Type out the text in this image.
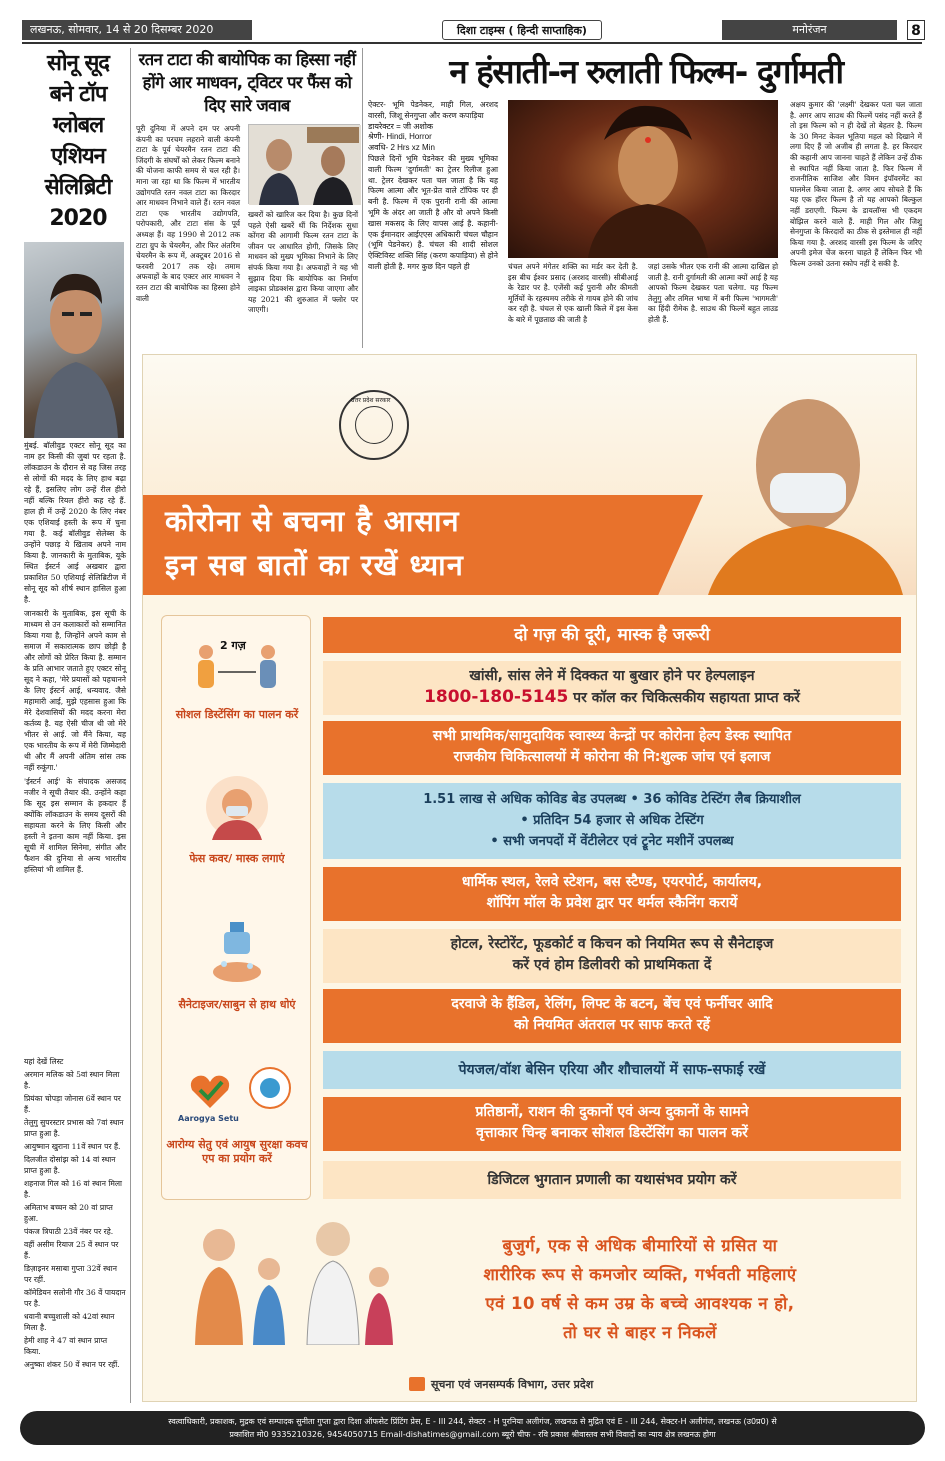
लखनऊ, सोमवार, 14 से 20 दिसम्बर 2020	दिशा टाइम्स ( हिन्दी साप्ताहिक)	मनोरंजन	8
सोनू सूद
बने टॉप
ग्लोबल
एशियन
सेलिब्रिटी
2020

मुंबई. बॉलीवुड एक्टर सोनू सूद का नाम हर किसी की जुबां पर रहता है. लॉकडाउन के दौरान से वह जिस तरह से लोगों की मदद के लिए हाथ बढ़ा रहे हैं, इसलिए लोग उन्हें रील हीरो नहीं बल्कि रियल हीरो कह रहे हैं. हाल ही में उन्हें 2020 के लिए नंबर एक एशियाई हस्ती के रूप में चुना गया है. कई बॉलीवुड सेलेब्स के उन्होंने पछाड़ ये खिताब अपने नाम किया है. जानकारी के मुताबिक, यूके स्थित ईस्टर्न आई अखबार द्वारा प्रकाशित 50 एशियाई सेलिब्रिटीज में सोनू सूद को शीर्ष स्थान हासिल हुआ है.

जानकारी के मुताबिक, इस सूची के माध्यम से उन कलाकारों को सम्मानित किया गया है, जिन्होंने अपने काम से समाज में सकारात्मक छाप छोड़ी है और लोगों को प्रेरित किया है. सम्मान के प्रति आभार जताते हुए एक्टर सोनू सूद ने कहा, 'मेरे प्रयासों को पहचानने के लिए ईस्टर्न आई, धन्यवाद. जैसे महामारी आई, मुझे एहसास हुआ कि मेरे देशवासियों की मदद करना मेरा कर्तव्य है. यह ऐसी चीज थी जो मेरे भीतर से आई. जो मैंने किया, यह एक भारतीय के रूप में मेरी जिम्मेदारी थी और मैं अपनी अंतिम सांस तक नहीं रुकूंगा.'

'ईस्टर्न आई' के संपादक असजद नजीर ने सूची तैयार की. उन्होंने कहा कि सूद इस सम्मान के हकदार हैं क्योंकि लॉकडाउन के समय दूसरों की सहायता करने के लिए किसी और हस्ती ने इतना काम नहीं किया. इस सूची में शामिल सिनेमा, संगीत और फैशन की दुनिया से अन्य भारतीय हस्तियां भी शामिल हैं.

यहां देखें लिस्ट

अरमान मलिक को 5वां स्थान मिला है.

प्रियंका चोपड़ा जोनास 6वें स्थान पर हैं.

तेलुगु सुपरस्टार प्रभास को 7वां स्थान प्राप्त हुआ है.

आयुष्मान खुराना 11वें स्थान पर हैं.

दिलजीत दोसांझ को 14 वां स्थान प्राप्त हुआ है.

शहनाज गिल को 16 वां स्थान मिला है.

अमिताभ बच्चन को 20 वां प्राप्त हुआ.

पंकज त्रिपाठी 23वें नंबर पर रहे.

वहीं असीम रियाज 25 वें स्थान पर हैं.

डिज़ाइनर मसाबा गुप्ता 32वें स्थान पर रहीं.

कॉमेडियन सलोनी गौर 36 वें पायदान पर है.

धवानी बच्चुशाली को 42वां स्थान मिला है.

हेमी शाह ने 47 वां स्थान प्राप्त किया.

अनुष्का शंकर 50 वें स्थान पर रहीं.

रतन टाटा की बायोपिक का हिस्सा नहीं होंगे आर माधवन, ट्विटर पर फैंस को दिए सारे जवाब
पूरी दुनिया में अपने दम पर अपनी कंपनी का परचम लहराने वाली कंपनी टाटा के पूर्व चेयरमैन रतन टाटा की जिंदगी के संघर्षों को लेकर फिल्म बनाने की योजना काफी समय से चल रही है। माना जा रहा था कि फिल्म में भारतीय उद्योगपति रतन नवल टाटा का किरदार आर माधवन निभाने वाले हैं। रतन नवल टाटा एक भारतीय उद्योगपति, परोपकारी, और टाटा संस के पूर्व अध्यक्ष हैं। वह 1990 से 2012 तक टाटा ग्रुप के चेयरमैन, और फिर अंतरिम चेयरमैन के रूप में, अक्टूबर 2016 से फरवरी 2017 तक रहे। तमाम अफवाहों के बाद एक्टर आर माधवन ने रतन टाटा की बायोपिक का हिस्सा होने वाली
खबरों को खारिज कर दिया है। कुछ दिनों पहले ऐसी खबरें थीं कि निर्देशक सुधा कोंगरा की आगामी फिल्म रतन टाटा के जीवन पर आधारित होगी, जिसके लिए माधवन को मुख्य भूमिका निभाने के लिए संपर्क किया गया है। अफवाहों ने यह भी सुझाव दिया कि बायोपिक का निर्माण लाइका प्रोडक्शंस द्वारा किया जाएगा और यह 2021 की शुरुआत में फ्लोर पर जाएगी।
न हंसाती-न रुलाती फिल्म- दुर्गामती
ऐक्टर- भूमि पेडनेकर, माही गिल, अरशद वारसी, जिशू सेनगुप्ता और करण कपाड़िया
डायरेक्टर = जी अशोक
श्रेणी- Hindi, Horror
अवधि- 2 Hrs xz Min
पिछले दिनों भूमि पेडनेकर की मुख्य भूमिका वाली फिल्म 'दुर्गामती' का ट्रेलर रिलीज हुआ था. ट्रेलर देखकर पता चल जाता है कि यह फिल्म आत्मा और भूत-प्रेत वाले टॉपिक पर ही बनी है. फिल्म में एक पुरानी रानी की आत्मा भूमि के अंदर आ जाती है और वो अपने किसी खास मकसद के लिए वापस आई है. कहानी- एक ईमानदार आईएएस अधिकारी चंचल चौहान (भूमि पेडनेकर) है. चंचल की शादी सोशल ऐक्टिविस्ट शक्ति सिंह (करण कपाड़िया) से होने वाली होती है. मगर कुछ दिन पहले ही	चंचल अपने मंगेतर शक्ति का मर्डर कर देती है. इस बीच ईश्वर प्रसाद (अरशद वारसी) सीबीआई के रेडार पर है. एजेंसी कई पुरानी और कीमती मूर्तियों के रहस्यमय तरीके से गायब होने की जांच कर रही है. चंचल से एक खाली किले में इस केस के बारे में पूछताछ की जाती है
जहां उसके भीतर एक रानी की आत्मा दाखिल हो जाती है. रानी दुर्गामती की आत्मा क्यों आई है यह आपको फिल्म देखकर पता चलेगा. यह फिल्म तेलुगु और तमिल भाषा में बनी फिल्म 'भागमती' का हिंदी रीमेक है. साउथ की फिल्में बहुत लाउड होती हैं.
अक्षय कुमार की 'लक्ष्मी' देखकर पता चल जाता है. अगर आप साउथ की फिल्में पसंद नहीं करते हैं तो इस फिल्म को न ही देखें तो बेहतर है. फिल्म के 30 मिनट केवल भूतिया महल को दिखाने में लगा दिए हैं जो अजीब ही लगता है. हर किरदार की कहानी आप जानना चाहते हैं लेकिन उन्हें ठीक से स्थापित नहीं किया जाता है. फिर फिल्म में राजनीतिक साजिश और विमन इंपॉवरमेंट का घालमेल किया जाता है. अगर आप सोचते हैं कि यह एक हॉरर फिल्म है तो यह आपको बिल्कुल नहीं डराएगी. फिल्म के डायलॉग्स भी एकदम बोझिल करने वाले हैं. माही गिल और जिशु सेनगुप्ता के किरदारों का ठीक से इस्तेमाल ही नहीं किया गया है. अरशद वारसी इस फिल्म के जरिए अपनी इमेज चेंज करना चाहते हैं लेकिन फिर भी फिल्म उनको उतना स्कोप नहीं दे सकी है.
उत्तर प्रदेश सरकार
कोरोना से बचना है आसान
इन सब बातों का रखें ध्यान
2 गज़
सोशल डिस्टेंसिंग का पालन करें
फेस कवर/ मास्क लगाएं
सैनेटाइजर/साबुन से हाथ धोएं
Aarogya Setu
आरोग्य सेतु एवं आयुष सुरक्षा कवच एप का प्रयोग करें
दो गज़ की दूरी, मास्क है जरूरी
खांसी, सांस लेने में दिक्कत या बुखार होने पर हेल्पलाइन
1800-180-5145 पर कॉल कर चिकित्सकीय सहायता प्राप्त करें
सभी प्राथमिक/सामुदायिक स्वास्थ्य केन्द्रों पर कोरोना हेल्प डेस्क स्थापित
राजकीय चिकित्सालयों में कोरोना की नि:शुल्क जांच एवं इलाज
1.51 लाख से अधिक कोविड बेड उपलब्ध • 36 कोविड टेस्टिंग लैब क्रियाशील
• प्रतिदिन 54 हजार से अधिक टेस्टिंग
• सभी जनपदों में वेंटीलेटर एवं ट्रूनेट मशीनें उपलब्ध
धार्मिक स्थल, रेलवे स्टेशन, बस स्टैण्ड, एयरपोर्ट, कार्यालय,
शॉपिंग मॉल के प्रवेश द्वार पर थर्मल स्कैनिंग करायें
होटल, रेस्टोरेंट, फूडकोर्ट व किचन को नियमित रूप से सैनेटाइज
करें एवं होम डिलीवरी को प्राथमिकता दें
दरवाजे के हैंडिल, रेलिंग, लिफ्ट के बटन, बेंच एवं फर्नीचर आदि
को नियमित अंतराल पर साफ करते रहें
पेयजल/वॉश बेसिन एरिया और शौचालयों में साफ-सफाई रखें
प्रतिष्ठानों, राशन की दुकानों एवं अन्य दुकानों के सामने
वृत्ताकार चिन्ह बनाकर सोशल डिस्टेंसिंग का पालन करें
डिजिटल भुगतान प्रणाली का यथासंभव प्रयोग करें
बुजुर्ग, एक से अधिक बीमारियों से ग्रसित या
शारीरिक रूप से कमजोर व्यक्ति, गर्भवती महिलाएं
एवं 10 वर्ष से कम उम्र के बच्चे आवश्यक न हो,
तो घर से बाहर न निकलें
सूचना एवं जनसम्पर्क विभाग, उत्तर प्रदेश
स्वत्वाधिकारी, प्रकाशक, मुद्रक एवं सम्पादक सुनीता गुप्ता द्वारा दिशा ऑफसेट प्रिंटिंग प्रेस, E - III 244, सेक्टर - H पुरनिया अलीगंज, लखनऊ से मुद्रित एवं E - III 244, सेक्टर-H अलीगंज, लखनऊ (उ0प्र0) से
प्रकाशित मो0 9335210326, 9454050715 Email-dishatimes@gmail.com ब्यूरो चीफ - रवि प्रकाश श्रीवास्तव सभी विवादों का न्याय क्षेत्र लखनऊ होगा
